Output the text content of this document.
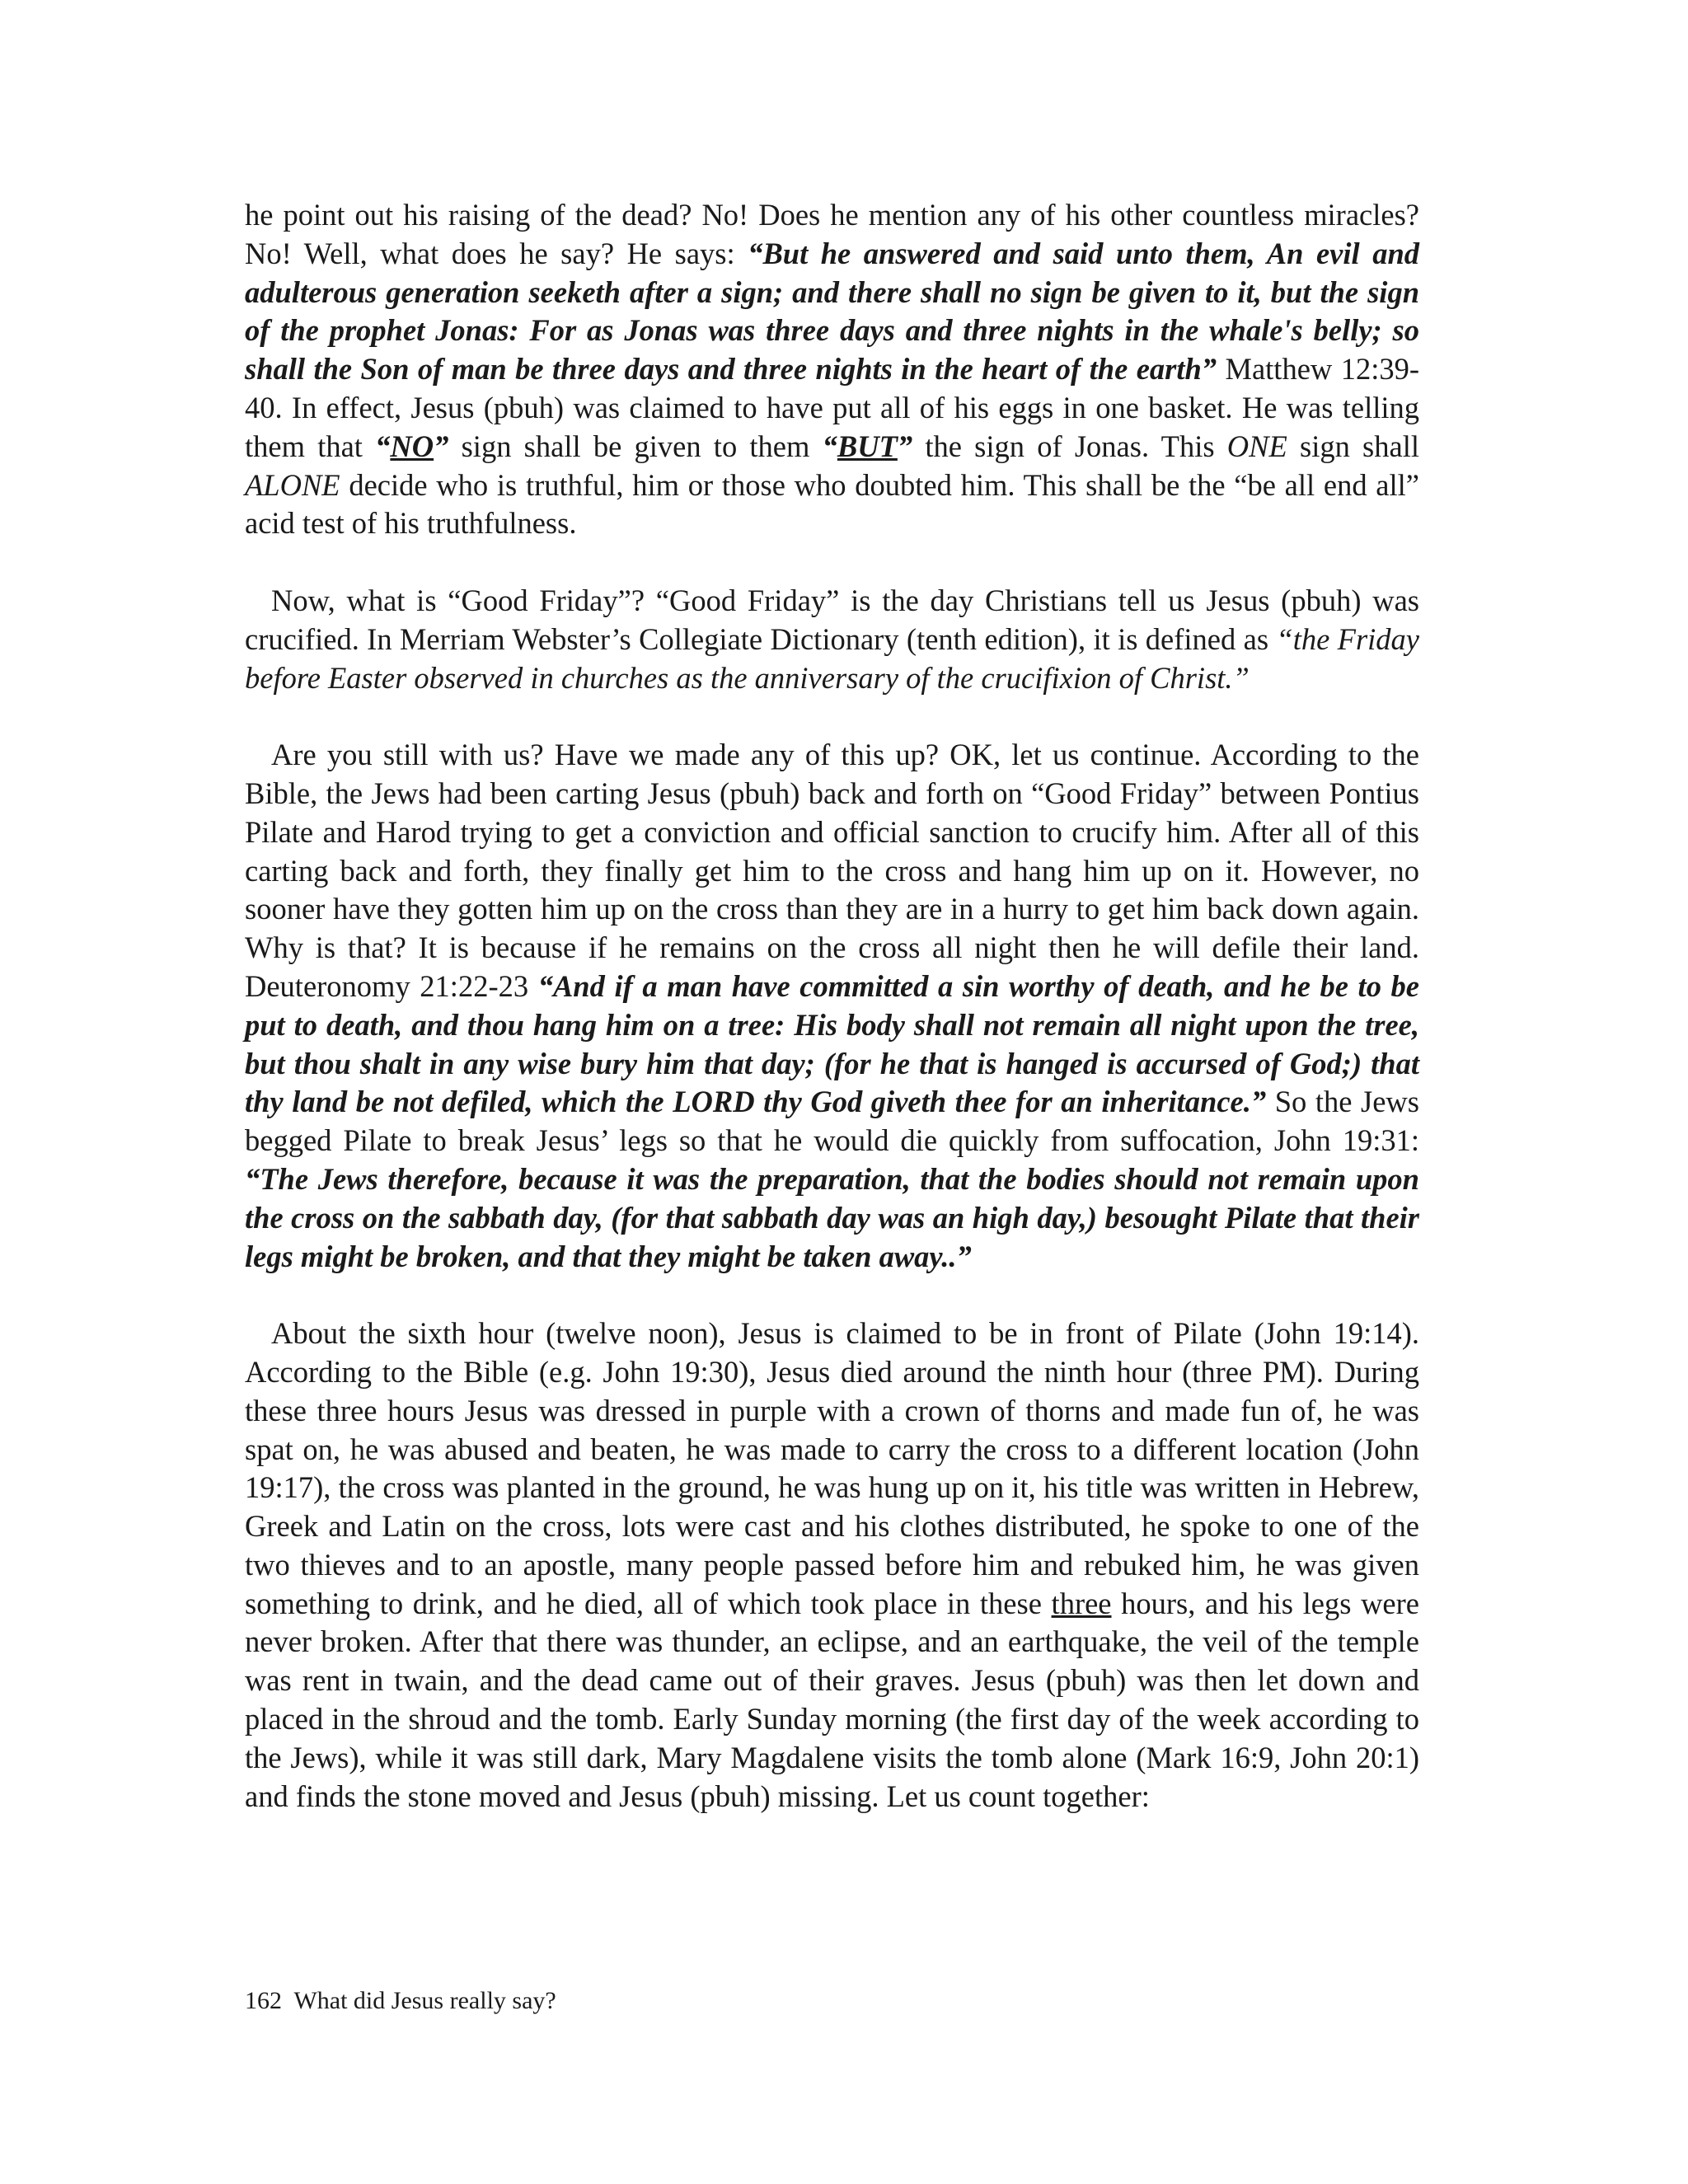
he point out his raising of the dead? No! Does he mention any of his other countless miracles? No! Well, what does he say? He says: “But he answered and said unto them, An evil and adulterous generation seeketh after a sign; and there shall no sign be given to it, but the sign of the prophet Jonas: For as Jonas was three days and three nights in the whale's belly; so shall the Son of man be three days and three nights in the heart of the earth” Matthew 12:39-40. In effect, Jesus (pbuh) was claimed to have put all of his eggs in one basket. He was telling them that “NO” sign shall be given to them “BUT” the sign of Jonas. This ONE sign shall ALONE decide who is truthful, him or those who doubted him. This shall be the “be all end all” acid test of his truthfulness.

Now, what is “Good Friday”? “Good Friday” is the day Christians tell us Jesus (pbuh) was crucified. In Merriam Webster’s Collegiate Dictionary (tenth edition), it is defined as “the Friday before Easter observed in churches as the anniversary of the crucifixion of Christ.”

Are you still with us? Have we made any of this up? OK, let us continue. According to the Bible, the Jews had been carting Jesus (pbuh) back and forth on “Good Friday” between Pontius Pilate and Harod trying to get a conviction and official sanction to crucify him. After all of this carting back and forth, they finally get him to the cross and hang him up on it. However, no sooner have they gotten him up on the cross than they are in a hurry to get him back down again. Why is that? It is because if he remains on the cross all night then he will defile their land. Deuteronomy 21:22-23 “And if a man have committed a sin worthy of death, and he be to be put to death, and thou hang him on a tree: His body shall not remain all night upon the tree, but thou shalt in any wise bury him that day; (for he that is hanged is accursed of God;) that thy land be not defiled, which the LORD thy God giveth thee for an inheritance.” So the Jews begged Pilate to break Jesus’ legs so that he would die quickly from suffocation, John 19:31: “The Jews therefore, because it was the preparation, that the bodies should not remain upon the cross on the sabbath day, (for that sabbath day was an high day,) besought Pilate that their legs might be broken, and that they might be taken away..”

About the sixth hour (twelve noon), Jesus is claimed to be in front of Pilate (John 19:14). According to the Bible (e.g. John 19:30), Jesus died around the ninth hour (three PM). During these three hours Jesus was dressed in purple with a crown of thorns and made fun of, he was spat on, he was abused and beaten, he was made to carry the cross to a different location (John 19:17), the cross was planted in the ground, he was hung up on it, his title was written in Hebrew, Greek and Latin on the cross, lots were cast and his clothes distributed, he spoke to one of the two thieves and to an apostle, many people passed before him and rebuked him, he was given something to drink, and he died, all of which took place in these three hours, and his legs were never broken. After that there was thunder, an eclipse, and an earthquake, the veil of the temple was rent in twain, and the dead came out of their graves. Jesus (pbuh) was then let down and placed in the shroud and the tomb. Early Sunday morning (the first day of the week according to the Jews), while it was still dark, Mary Magdalene visits the tomb alone (Mark 16:9, John 20:1) and finds the stone moved and Jesus (pbuh) missing. Let us count together:

162 What did Jesus really say?
